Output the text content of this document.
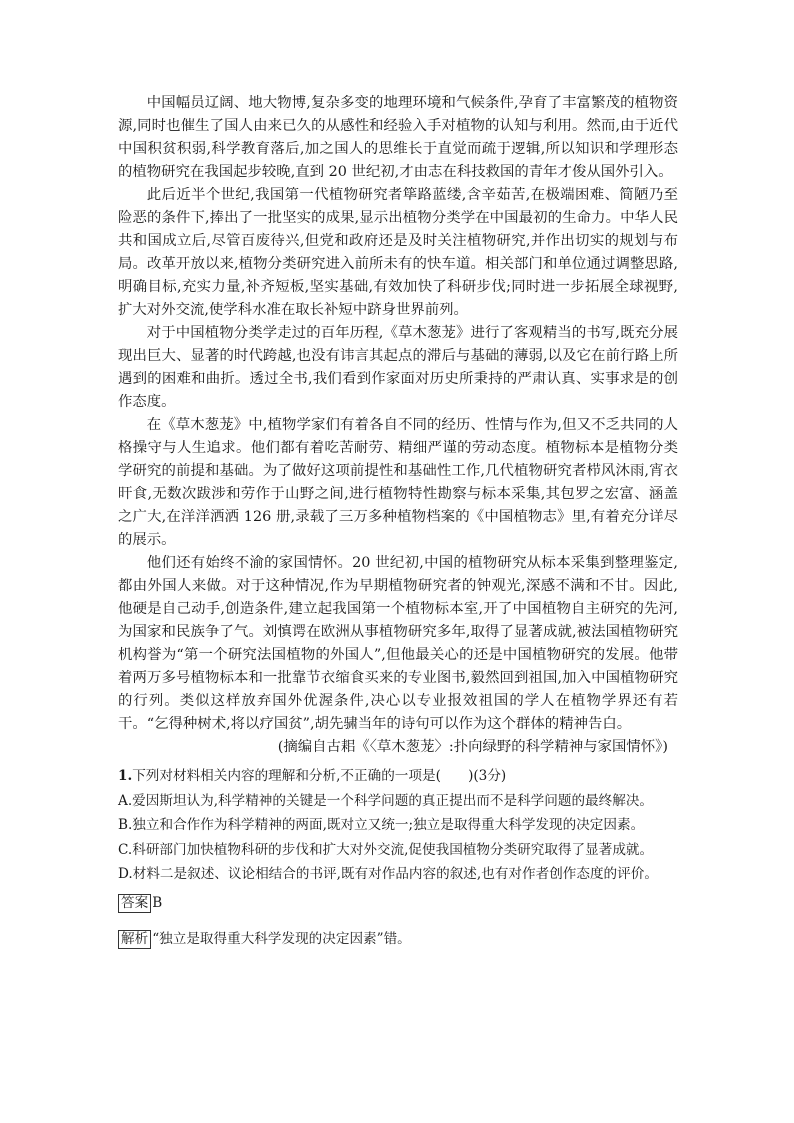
中国幅员辽阔、地大物博,复杂多变的地理环境和气候条件,孕育了丰富繁茂的植物资源,同时也催生了国人由来已久的从感性和经验入手对植物的认知与利用。然而,由于近代中国积贫积弱,科学教育落后,加之国人的思维长于直觉而疏于逻辑,所以知识和学理形态的植物研究在我国起步较晚,直到 20 世纪初,才由志在科技救国的青年才俊从国外引入。

此后近半个世纪,我国第一代植物研究者筚路蓝缕,含辛茹苦,在极端困难、简陋乃至险恶的条件下,捧出了一批坚实的成果,显示出植物分类学在中国最初的生命力。中华人民共和国成立后,尽管百废待兴,但党和政府还是及时关注植物研究,并作出切实的规划与布局。改革开放以来,植物分类研究进入前所未有的快车道。相关部门和单位通过调整思路,明确目标,充实力量,补齐短板,坚实基础,有效加快了科研步伐;同时进一步拓展全球视野,扩大对外交流,使学科水准在取长补短中跻身世界前列。

对于中国植物分类学走过的百年历程,《草木葱茏》进行了客观精当的书写,既充分展现出巨大、显著的时代跨越,也没有讳言其起点的滞后与基础的薄弱,以及它在前行路上所遇到的困难和曲折。透过全书,我们看到作家面对历史所秉持的严肃认真、实事求是的创作态度。

在《草木葱茏》中,植物学家们有着各自不同的经历、性情与作为,但又不乏共同的人格操守与人生追求。他们都有着吃苦耐劳、精细严谨的劳动态度。植物标本是植物分类学研究的前提和基础。为了做好这项前提性和基础性工作,几代植物研究者栉风沐雨,宵衣旰食,无数次跋涉和劳作于山野之间,进行植物特性勘察与标本采集,其包罗之宏富、涵盖之广大,在洋洋洒洒 126 册,录载了三万多种植物档案的《中国植物志》里,有着充分详尽的展示。

他们还有始终不渝的家国情怀。20 世纪初,中国的植物研究从标本采集到整理鉴定,都由外国人来做。对于这种情况,作为早期植物研究者的钟观光,深感不满和不甘。因此,他硬是自己动手,创造条件,建立起我国第一个植物标本室,开了中国植物自主研究的先河,为国家和民族争了气。刘慎谔在欧洲从事植物研究多年,取得了显著成就,被法国植物研究机构誉为“第一个研究法国植物的外国人”,但他最关心的还是中国植物研究的发展。他带着两万多号植物标本和一批靠节衣缩食买来的专业图书,毅然回到祖国,加入中国植物研究的行列。类似这样放弃国外优渥条件,决心以专业报效祖国的学人在植物学界还有若干。“乞得种树术,将以疗国贫”,胡先骕当年的诗句可以作为这个群体的精神告白。

(摘编自古耜《〈草木葱茏〉:扑向绿野的科学精神与家国情怀》)

1.下列对材料相关内容的理解和分析,不正确的一项是(　　)(3分)

A.爱因斯坦认为,科学精神的关键是一个科学问题的真正提出而不是科学问题的最终解决。

B.独立和合作作为科学精神的两面,既对立又统一;独立是取得重大科学发现的决定因素。

C.科研部门加快植物科研的步伐和扩大对外交流,促使我国植物分类研究取得了显著成就。

D.材料二是叙述、议论相结合的书评,既有对作品内容的叙述,也有对作者创作态度的评价。

答案 B

解析 “独立是取得重大科学发现的决定因素”错。
